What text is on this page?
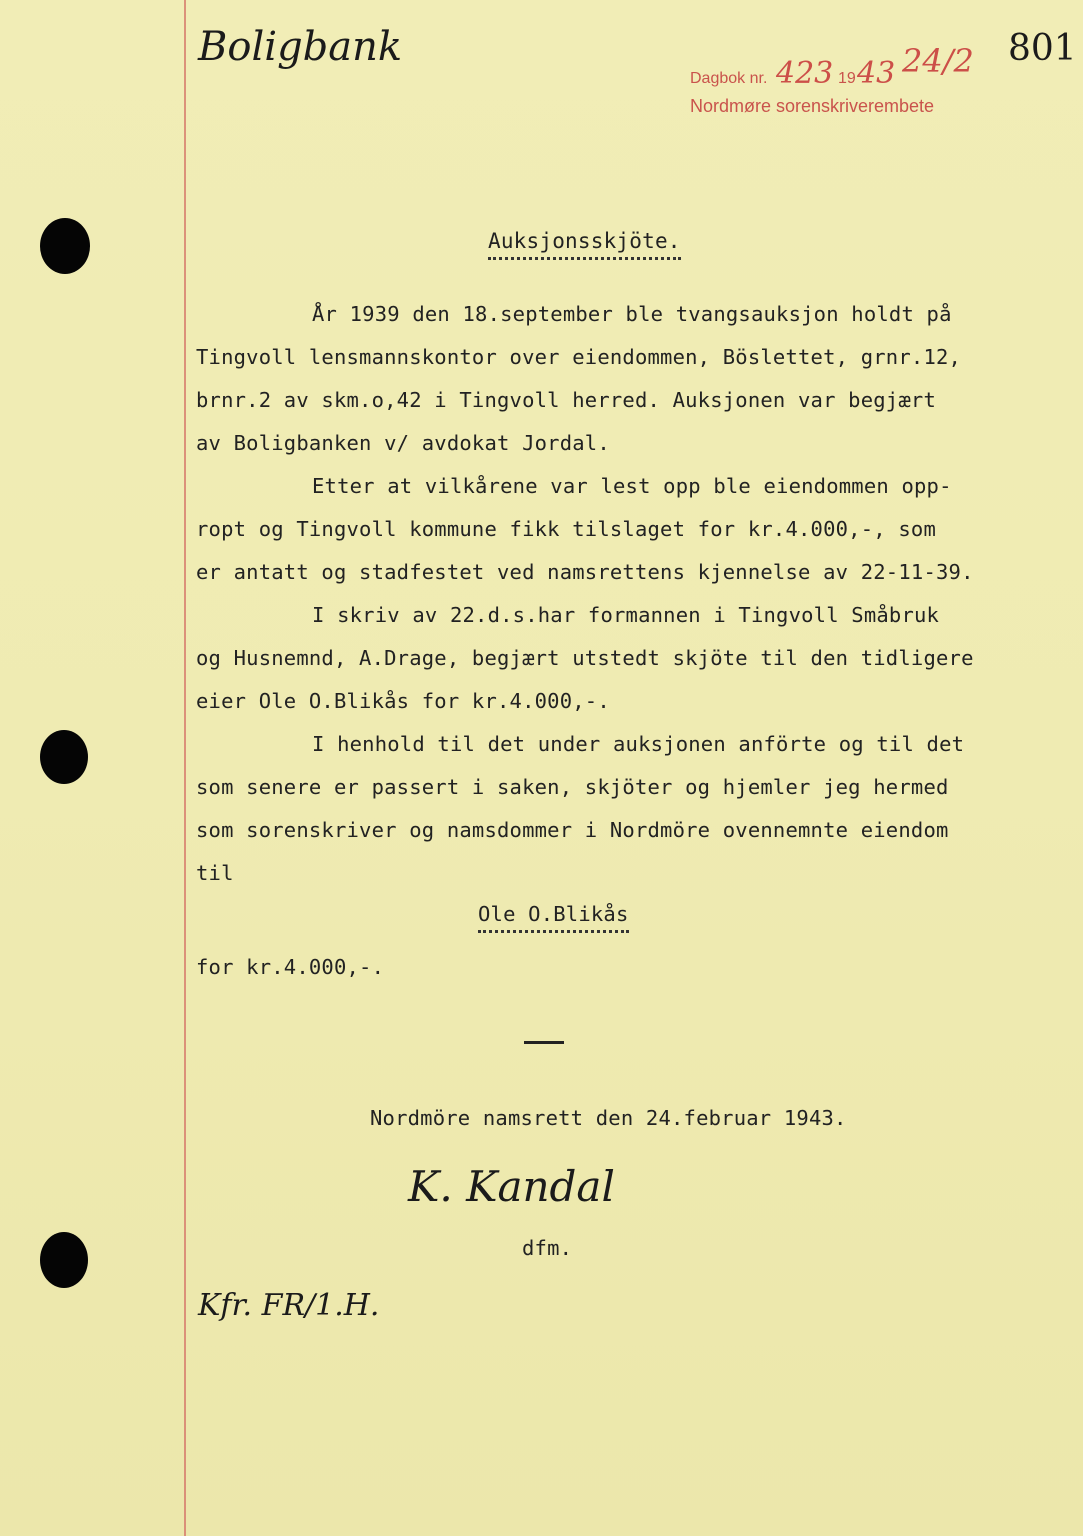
Boligbank
Dagbok nr. 423 19 43 24/2
Nordmøre sorenskriverembete
801
Auksjonsskjöte.
År 1939 den 18.september ble tvangsauksjon holdt på
Tingvoll lensmannskontor over eiendommen, Böslettet, grnr.12,
brnr.2 av skm.o,42 i Tingvoll herred. Auksjonen var begjært
av Boligbanken v/ avdokat Jordal.
Etter at vilkårene var lest opp ble eiendommen opp-
ropt og Tingvoll kommune fikk tilslaget for kr.4.000,-, som
er antatt og stadfestet ved namsrettens kjennelse av 22-11-39.
I skriv av 22.d.s.har formannen i Tingvoll Småbruk
og Husnemnd, A.Drage, begjært utstedt skjöte til den tidligere
eier Ole O.Blikås for kr.4.000,-.
I henhold til det under auksjonen anförte og til det
som senere er passert i saken, skjöter og hjemler jeg hermed
som sorenskriver og namsdommer i Nordmöre ovennemnte eiendom
til
Ole O.Blikås
for kr.4.000,-.
Nordmöre namsrett den 24.februar 1943.
K. Kandal
dfm.
Kfr. FR/1.H.
